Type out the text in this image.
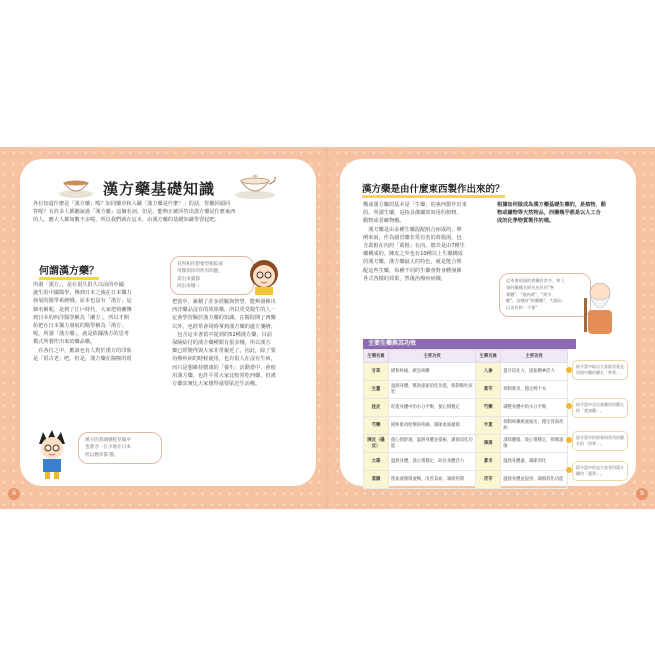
漢方藥基礎知識
各位知道什麼是「漢方藥」嗎？如同藥草和入職「漢方藥是什麼？」的話，你聽回頭回
答呢？有許多人都聽說過「漢方藥」這個名詞，但是，能夠正確回答出漢方藥是什麼東西
的人，應大人都如數不多呢，所以我們就在這本，由漢方藥的基礎知識學習起吧。
何謂漢方藥？
長得和你想要型相似或
用類似你的所有問題，
拿出來讀都
回出來哦～
所謂「漢方」，是在很久很久以前的中國
誕生的中國醫學，傳到日本之後在日本獨力
發展的醫學系統哦。原本也沒有「漢方」這
個名稱呢，是到了江戶時代，大家把荷蘭傳
到日本的西洋醫學稱為「蘭方」，所以才開
始把在日本獨力發展的醫學稱為「漢方」
呢。所謂「漢方藥」，就是依據漢方的思考
模式所製作出來的藥品哦。
　在各位之中，應該也有人對於漢方的印象
是「很古老」吧。但是，漢方藥在醫療的現
把當中，累積了許多經驗與智慧，能夠發揮出
西洋藥品沒有的效果哦，所以更受醫生的人一
定會學習關於漢方藥的知識，在醫院開了西藥
以外，也經常會同時拿到漢方藥的處方箋唷。
　包含這本書當中提到的52種漢方藥，目前
保險給付的漢方藥種類有很多哦，所以漢方
藥已經變得與大家非常親近了，因此，除了要
治療疾病的時候使用，也有很人在沒有生病，
而只是想維持健康的「養生」活動當中，會使
用漢方藥。也許平常大家比較常吃西藥，但漢
方藥其實比大家想得還要貼近生活哦。
漢方的煮調總把草做中
也會含一在少地在日本
所以煙草都 哦。
6
漢方藥是由什麼東西製作出來的？
構成漢方藥的基本是「生藥」的素西製作出來
的。所謂生藥，是指具備藥效效用的植物、
動物或者礦物哦。
　漢方藥是由多種生藥混配組合而成的，舉
例來說，作為感冒藥非常有名的葛根湯，包
含葛根在內的「葛根」在內，總共是由7種生
藥構成的。陳皮之外也有10種以上生藥構成
的漢方藥，漢方藥最大的特色，就是能合理
配這些生藥，每種不同的生藥會對身體發揮
各式各樣的效果，然後治療疾病哦。
根據如何做成為漢方藥基礎生藥的，是植物、動
物或礦物等天然物品，西藥幾乎都是以人工合
成的化學物質製作的哦。
這本書裡面的實藥有許多，和上
書的藥種名經名出作用"參
葉數"，"地肉黃"，"黃芩
數"，各種有"的藥數"，大都出
以各位相一不會"
主要生藥與其功效
生藥名稱	主要功效	生藥名稱	主要功效
甘草	緩和疼痛、緩息咳嗽	人參	提升消化力，提振精神活力
生薑	溫熱身體，幫助提振消化功能，抑制嘔吐症狀	黃芩	抑制發炎、穩定脾不木
桂皮	促進身體中的水分平衡，使心情穩定	芍藥	調整身體中的水分平衡
芍藥	緩和肌肉痙攣的疼痛，調節血液循環	半夏	抑制咳嗽痰液溢出，穩定胃部疾病
陳皮（橘皮）	使心情舒適，溫熱身體並提振、調節消化功能	澤瀉	消除腫脹、使心情穩定，抑制過敏
大棗	溫熱身體，使心情穩定，助於身體活力	蒼朮	溫熱身體器，調節消化
當歸	使血液循環流暢，改善貧血，調節經期	茯苓	溫熱身體並提供、調節消化功能
紹介當中取自大家最喜愛並用到中藥的藥名「參黃」。
紹介當中也自產藥材的藥名的「莫知藥」。
紹介當中的果香料常用的藥名的「茴香」。
紹介當中的是大家食用漢方藥的「薑黃」。
9
